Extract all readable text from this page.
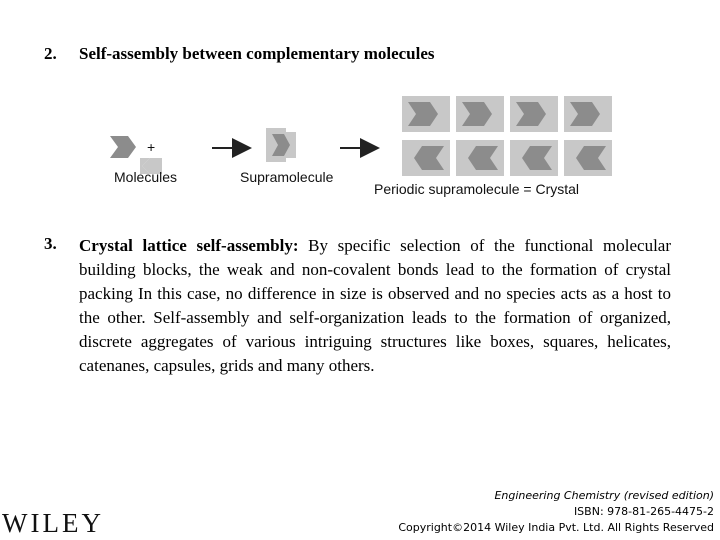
2. Self-assembly between complementary molecules
+
Molecules	Supramolecule
Periodic supramolecule = Crystal
3. Crystal lattice self-assembly: By specific selection of the functional molecular building blocks, the weak and non-covalent bonds lead to the formation of crystal packing In this case, no difference in size is observed and no species acts as a host to the other. Self-assembly and self-organization leads to the formation of organized, discrete aggregates of various intriguing structures like boxes, squares, helicates, catenanes, capsules, grids and many others.
WILEY
Engineering Chemistry (revised edition)
ISBN: 978-81-265-4475-2
Copyright©2014 Wiley India Pvt. Ltd. All Rights Reserved
